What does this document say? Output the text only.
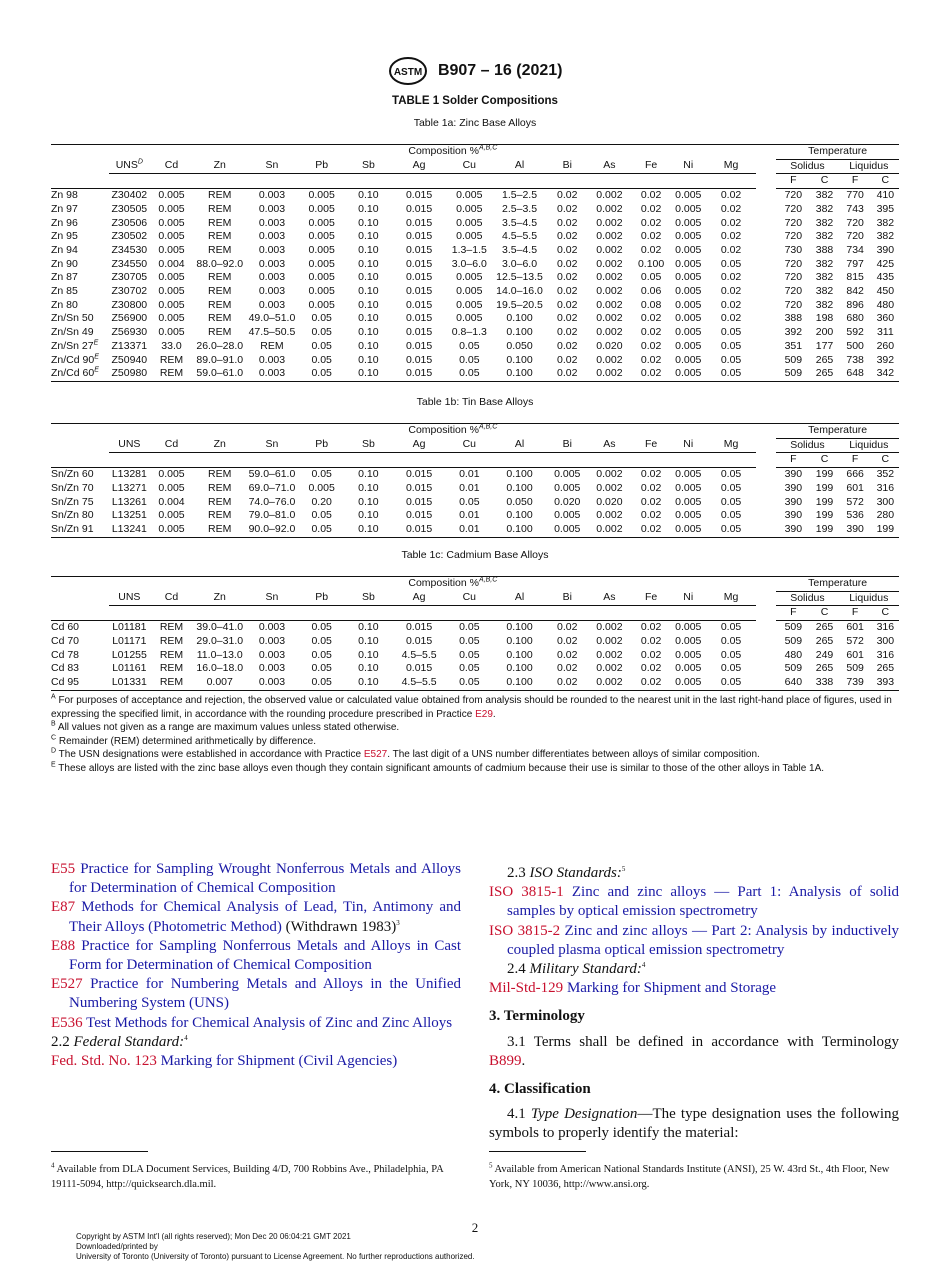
ASTM B907 – 16 (2021)
TABLE 1 Solder Compositions
Table 1a: Zinc Base Alloys
		Composition %$^{A,B,C}$														Temperature			
	$UNS^D$	Cd	Zn	Sn	Pb	Sb	Ag	Cu	Al	Bi	As	Fe	Ni	Mg		Solidus		Liquidus	
																F	C	F	C
Zn 98	Z30402	0.005	REM	0.003	0.005	0.10	0.015	0.005	1.5–2.5	0.02	0.002	0.02	0.005	0.02		720	382	770	410
Zn 97	Z30505	0.005	REM	0.003	0.005	0.10	0.015	0.005	2.5–3.5	0.02	0.002	0.02	0.005	0.02		720	382	743	395
Zn 96	Z30506	0.005	REM	0.003	0.005	0.10	0.015	0.005	3.5–4.5	0.02	0.002	0.02	0.005	0.02		720	382	720	382
Zn 95	Z30502	0.005	REM	0.003	0.005	0.10	0.015	0.005	4.5–5.5	0.02	0.002	0.02	0.005	0.02		720	382	720	382
Zn 94	Z34530	0.005	REM	0.003	0.005	0.10	0.015	1.3–1.5	3.5–4.5	0.02	0.002	0.02	0.005	0.02		730	388	734	390
Zn 90	Z34550	0.004	88.0–92.0	0.003	0.005	0.10	0.015	3.0–6.0	3.0–6.0	0.02	0.002	0.100	0.005	0.05		720	382	797	425
Zn 87	Z30705	0.005	REM	0.003	0.005	0.10	0.015	0.005	12.5–13.5	0.02	0.002	0.05	0.005	0.02		720	382	815	435
Zn 85	Z30702	0.005	REM	0.003	0.005	0.10	0.015	0.005	14.0–16.0	0.02	0.002	0.06	0.005	0.02		720	382	842	450
Zn 80	Z30800	0.005	REM	0.003	0.005	0.10	0.015	0.005	19.5–20.5	0.02	0.002	0.08	0.005	0.02		720	382	896	480
Zn/Sn 50	Z56900	0.005	REM	49.0–51.0	0.05	0.10	0.015	0.005	0.100	0.02	0.002	0.02	0.005	0.02		388	198	680	360
Zn/Sn 49	Z56930	0.005	REM	47.5–50.5	0.05	0.10	0.015	0.8–1.3	0.100	0.02	0.002	0.02	0.005	0.05		392	200	592	311
Zn/Sn $27^E$	Z13371	33.0	26.0–28.0	REM	0.05	0.10	0.015	0.05	0.050	0.02	0.020	0.02	0.005	0.05		351	177	500	260
Zn/Cd $90^E$	Z50940	REM	89.0–91.0	0.003	0.05	0.10	0.015	0.05	0.100	0.02	0.002	0.02	0.005	0.05		509	265	738	392
Zn/Cd $60^E$	Z50980	REM	59.0–61.0	0.003	0.05	0.10	0.015	0.05	0.100	0.02	0.002	0.02	0.005	0.05		509	265	648	342
Table 1b: Tin Base Alloys
		Composition %$^{A,B,C}$														Temperature			
	UNS	Cd	Zn	Sn	Pb	Sb	Ag	Cu	Al	Bi	As	Fe	Ni	Mg		Solidus		Liquidus	
																F	C	F	C
Sn/Zn 60	L13281	0.005	REM	59.0–61.0	0.05	0.10	0.015	0.01	0.100	0.005	0.002	0.02	0.005	0.05		390	199	666	352
Sn/Zn 70	L13271	0.005	REM	69.0–71.0	0.005	0.10	0.015	0.01	0.100	0.005	0.002	0.02	0.005	0.05		390	199	601	316
Sn/Zn 75	L13261	0.004	REM	74.0–76.0	0.20	0.10	0.015	0.05	0.050	0.020	0.020	0.02	0.005	0.05		390	199	572	300
Sn/Zn 80	L13251	0.005	REM	79.0–81.0	0.05	0.10	0.015	0.01	0.100	0.005	0.002	0.02	0.005	0.05		390	199	536	280
Sn/Zn 91	L13241	0.005	REM	90.0–92.0	0.05	0.10	0.015	0.01	0.100	0.005	0.002	0.02	0.005	0.05		390	199	390	199
Table 1c: Cadmium Base Alloys
		Composition %$^{A,B,C}$														Temperature			
	UNS	Cd	Zn	Sn	Pb	Sb	Ag	Cu	Al	Bi	As	Fe	Ni	Mg		Solidus		Liquidus	
																F	C	F	C
Cd 60	L01181	REM	39.0–41.0	0.003	0.05	0.10	0.015	0.05	0.100	0.02	0.002	0.02	0.005	0.05		509	265	601	316
Cd 70	L01171	REM	29.0–31.0	0.003	0.05	0.10	0.015	0.05	0.100	0.02	0.002	0.02	0.005	0.05		509	265	572	300
Cd 78	L01255	REM	11.0–13.0	0.003	0.05	0.10	4.5–5.5	0.05	0.100	0.02	0.002	0.02	0.005	0.05		480	249	601	316
Cd 83	L01161	REM	16.0–18.0	0.003	0.05	0.10	0.015	0.05	0.100	0.02	0.002	0.02	0.005	0.05		509	265	509	265
Cd 95	L01331	REM	0.007	0.003	0.05	0.10	4.5–5.5	0.05	0.100	0.02	0.002	0.02	0.005	0.05		640	338	739	393
$^A$ For purposes of acceptance and rejection, the observed value or calculated value obtained from analysis should be rounded to the nearest unit in the last right-hand place of figures, used in expressing the specified limit, in accordance with the rounding procedure prescribed in Practice E29.
$^B$ All values not given as a range are maximum values unless stated otherwise.
$^C$ Remainder (REM) determined arithmetically by difference.
$^D$ The USN designations were established in accordance with Practice E527. The last digit of a UNS number differentiates between alloys of similar composition.
$^E$ These alloys are listed with the zinc base alloys even though they contain significant amounts of cadmium because their use is similar to those of the other alloys in Table 1A.
E55 Practice for Sampling Wrought Nonferrous Metals and Alloys for Determination of Chemical Composition
E87 Methods for Chemical Analysis of Lead, Tin, Antimony and Their Alloys (Photometric Method) (Withdrawn 1983)$^3$
E88 Practice for Sampling Nonferrous Metals and Alloys in Cast Form for Determination of Chemical Composition
E527 Practice for Numbering Metals and Alloys in the Unified Numbering System (UNS)
E536 Test Methods for Chemical Analysis of Zinc and Zinc Alloys
2.2 Federal Standard:$^4$
Fed. Std. No. 123 Marking for Shipment (Civil Agencies)
2.3 ISO Standards:$^5$
ISO 3815-1 Zinc and zinc alloys — Part 1: Analysis of solid samples by optical emission spectrometry
ISO 3815-2 Zinc and zinc alloys — Part 2: Analysis by inductively coupled plasma optical emission spectrometry
2.4 Military Standard:$^4$
Mil-Std-129 Marking for Shipment and Storage
3. Terminology
3.1 Terms shall be defined in accordance with Terminology B899.
4. Classification
4.1 Type Designation—The type designation uses the following symbols to properly identify the material:
$^4$ Available from DLA Document Services, Building 4/D, 700 Robbins Ave., Philadelphia, PA 19111-5094, http://quicksearch.dla.mil.
$^5$ Available from American National Standards Institute (ANSI), 25 W. 43rd St., 4th Floor, New York, NY 10036, http://www.ansi.org.
2
Copyright by ASTM Int'l (all rights reserved); Mon Dec 20 06:04:21 GMT 2021
Downloaded/printed by
University of Toronto (University of Toronto) pursuant to License Agreement. No further reproductions authorized.
